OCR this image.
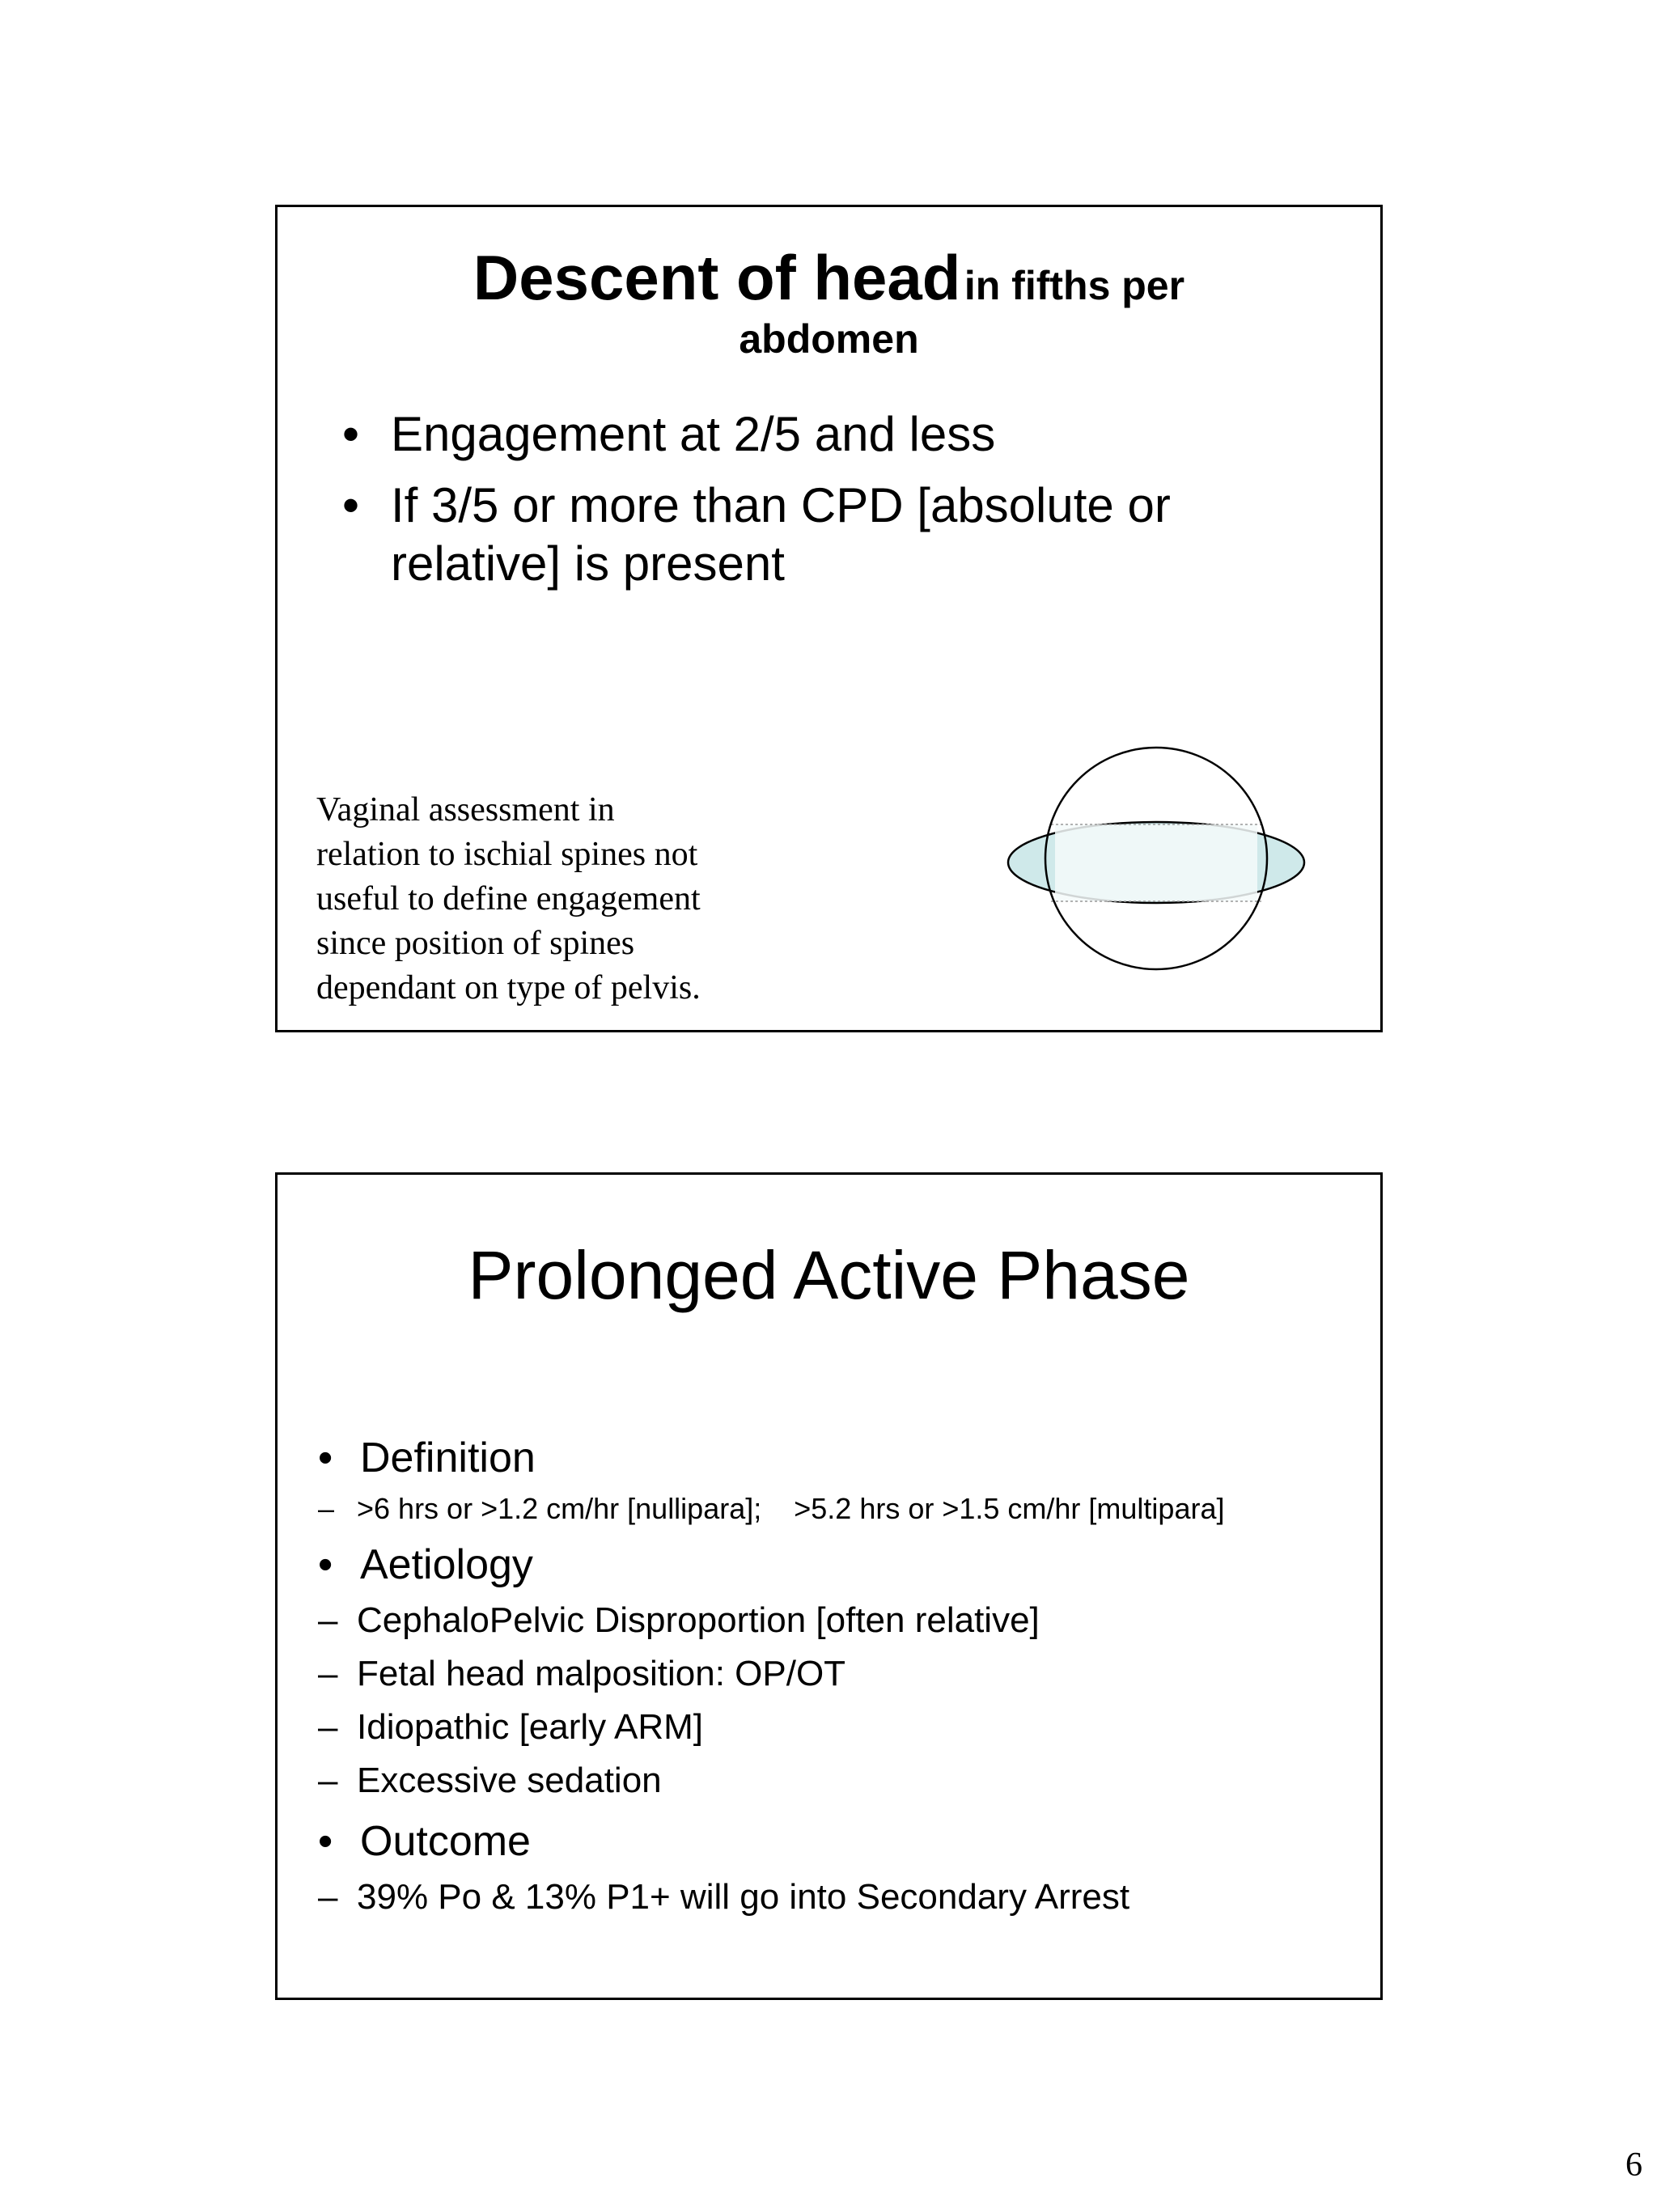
Descent of head in fifths per
abdomen
• Engagement at 2/5 and less
• If 3/5 or more than CPD [absolute or relative] is present
Vaginal assessment in
relation to ischial spines not
useful to define engagement
since position of spines
dependant on type of pelvis.
Prolonged Active Phase
• Definition
– >6 hrs or >1.2 cm/hr [nullipara]; >5.2 hrs or >1.5 cm/hr [multipara]
• Aetiology
– CephaloPelvic Disproportion [often relative]
– Fetal head malposition: OP/OT
– Idiopathic [early ARM]
– Excessive sedation
• Outcome
– 39% Po & 13% P1+ will go into Secondary Arrest
6
